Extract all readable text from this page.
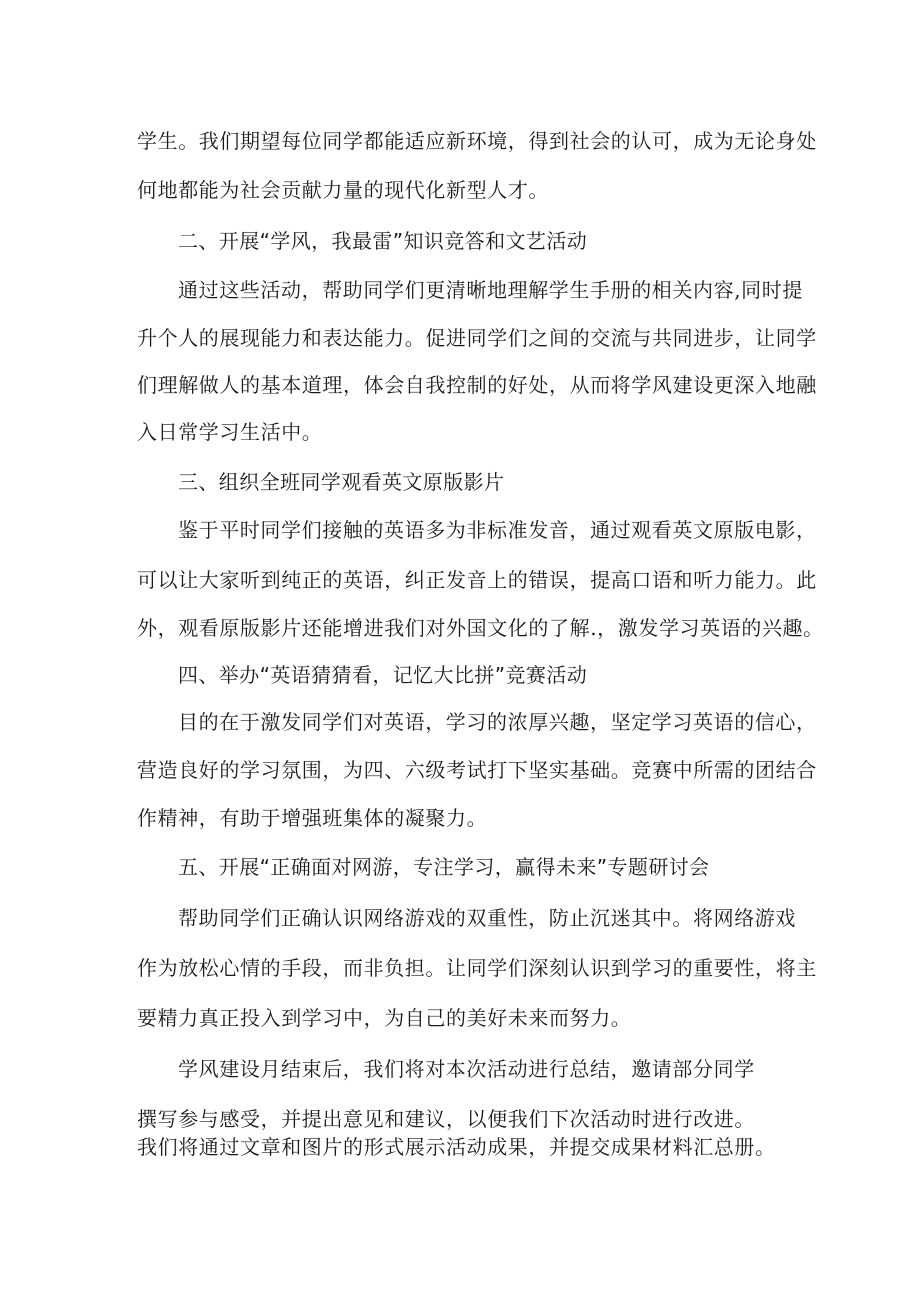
学生。我们期望每位同学都能适应新环境，得到社会的认可，成为无论身处
何地都能为社会贡献力量的现代化新型人才。
二、开展“学风，我最雷”知识竞答和文艺活动
通过这些活动，帮助同学们更清晰地理解学生手册的相关内容,同时提
升个人的展现能力和表达能力。促进同学们之间的交流与共同进步，让同学
们理解做人的基本道理，体会自我控制的好处，从而将学风建设更深入地融
入日常学习生活中。
三、组织全班同学观看英文原版影片
鉴于平时同学们接触的英语多为非标准发音，通过观看英文原版电影，
可以让大家听到纯正的英语，纠正发音上的错误，提高口语和听力能力。此
外，观看原版影片还能增进我们对外国文化的了解.，激发学习英语的兴趣。
四、举办“英语猜猜看，记忆大比拼”竞赛活动
目的在于激发同学们对英语，学习的浓厚兴趣，坚定学习英语的信心，
营造良好的学习氛围，为四、六级考试打下坚实基础。竞赛中所需的团结合
作精神，有助于增强班集体的凝聚力。
五、开展“正确面对网游，专注学习，赢得未来”专题研讨会
帮助同学们正确认识网络游戏的双重性，防止沉迷其中。将网络游戏
作为放松心情的手段，而非负担。让同学们深刻认识到学习的重要性，将主
要精力真正投入到学习中，为自己的美好未来而努力。
学风建设月结束后，我们将对本次活动进行总结，邀请部分同学
撰写参与感受，并提出意见和建议，以便我们下次活动时进行改进。
我们将通过文章和图片的形式展示活动成果，并提交成果材料汇总册。
